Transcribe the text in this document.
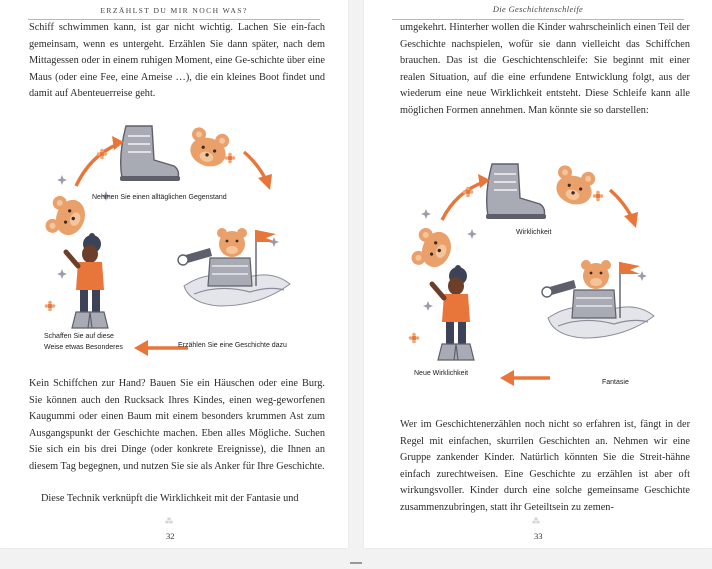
ERZÄHLST DU MIR NOCH WAS?

Schiff schwimmen kann, ist gar nicht wichtig. Lachen Sie ein-fach gemeinsam, wenn es untergeht. Erzählen Sie dann später, nach dem Mittagessen oder in einem ruhigen Moment, eine Ge-schichte über eine Maus (oder eine Fee, eine Ameise …), die ein kleines Boot findet und damit auf Abenteuerreise geht.

Nehmen Sie einen alltäglichen Gegenstand

Erzählen Sie eine Geschichte dazu

Schaffen Sie auf diese

Weise etwas Besonderes

Kein Schiffchen zur Hand? Bauen Sie ein Häuschen oder eine Burg. Sie können auch den Rucksack Ihres Kindes, einen weg-geworfenen Kaugummi oder einen Baum mit einem besonders krummen Ast zum Ausgangspunkt der Geschichte machen. Eben alles Mögliche. Suchen Sie sich ein bis drei Dinge (oder konkrete Ereignisse), die Ihnen an diesem Tag begegnen, und nutzen Sie sie als Anker für Ihre Geschichte.

Diese Technik verknüpft die Wirklichkeit mit der Fantasie und

⁂
32
Die Geschichtenschleife

umgekehrt. Hinterher wollen die Kinder wahrscheinlich einen Teil der Geschichte nachspielen, wofür sie dann vielleicht das Schiffchen brauchen. Das ist die Geschichtenschleife: Sie beginnt mit einer realen Situation, auf die eine erfundene Entwicklung folgt, aus der wiederum eine neue Wirklichkeit entsteht. Diese Schleife kann alle möglichen Formen annehmen. Man könnte sie so darstellen:

Wirklichkeit

Fantasie

Neue Wirklichkeit

Wer im Geschichtenerzählen noch nicht so erfahren ist, fängt in der Regel mit einfachen, skurrilen Geschichten an. Nehmen wir eine Gruppe zankender Kinder. Natürlich könnten Sie die Streit-hähne einfach zurechtweisen. Eine Geschichte zu erzählen ist aber oft wirkungsvoller. Kinder durch eine solche gemeinsame Geschichte zusammenzubringen, statt ihr Geteiltsein zu zemen-

⁂
33
